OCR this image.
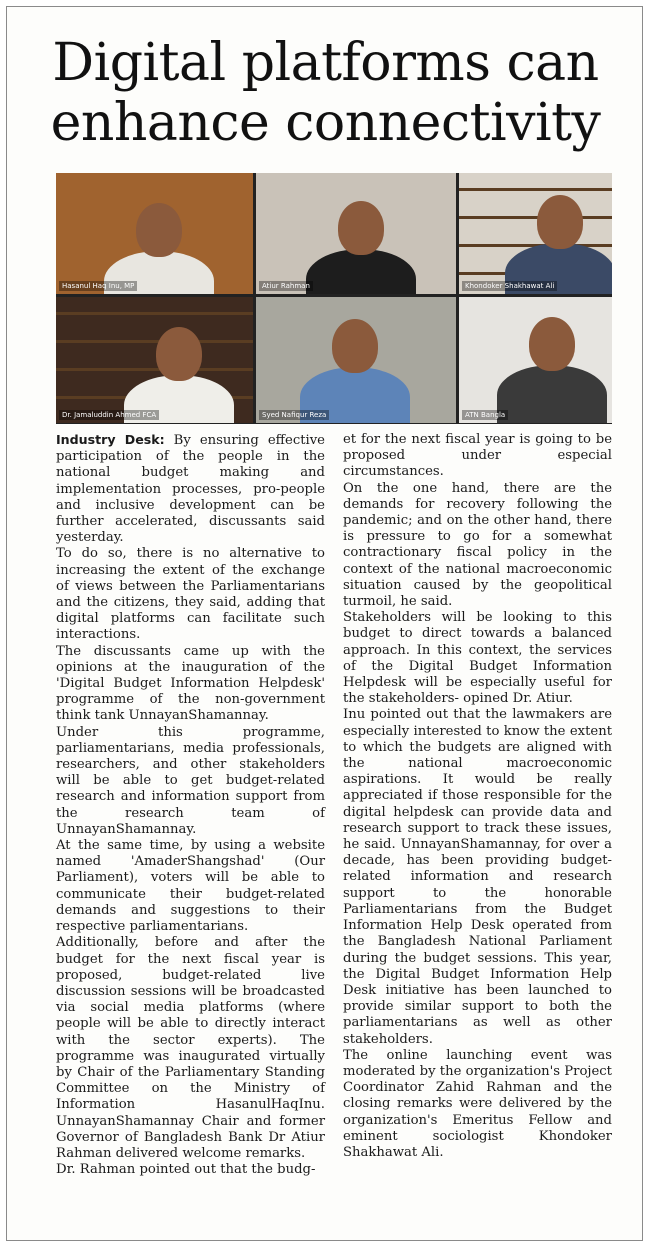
Digital platforms can
enhance connectivity
Hasanul Haq Inu, MP	Atiur Rahman	Khondoker Shakhawat Ali
Dr. Jamaluddin Ahmed FCA	Syed Nafiqur Reza	ATN Bangla

Industry Desk: By ensuring effective participation of the people in the national budget making and implementation processes, pro-people and inclusive development can be further accelerated, discussants said yesterday.

To do so, there is no alternative to increasing the extent of the exchange of views between the Parliamentarians and the citizens, they said, adding that digital platforms can facilitate such interactions.

The discussants came up with the opinions at the inauguration of the 'Digital Budget Information Helpdesk' programme of the non-government think tank UnnayanShamannay.

Under this programme, parliamentarians, media professionals, researchers, and other stakeholders will be able to get budget-related research and information support from the research team of UnnayanShamannay.

At the same time, by using a website named 'AmaderShangshad' (Our Parliament), voters will be able to communicate their budget-related demands and suggestions to their respective parliamentarians.

Additionally, before and after the budget for the next fiscal year is proposed, budget-related live discussion sessions will be broadcasted via social media platforms (where people will be able to directly interact with the sector experts). The programme was inaugurated virtually by Chair of the Parliamentary Standing Committee on the Ministry of Information HasanulHaqInu. UnnayanShamannay Chair and former Governor of Bangladesh Bank Dr Atiur Rahman delivered welcome remarks.

Dr. Rahman pointed out that the budg-

et for the next fiscal year is going to be proposed under especial circumstances.

On the one hand, there are the demands for recovery following the pandemic; and on the other hand, there is pressure to go for a somewhat contractionary fiscal policy in the context of the national macroeconomic situation caused by the geopolitical turmoil, he said.

Stakeholders will be looking to this budget to direct towards a balanced approach. In this context, the services of the Digital Budget Information Helpdesk will be especially useful for the stakeholders- opined Dr. Atiur.

Inu pointed out that the lawmakers are especially interested to know the extent to which the budgets are aligned with the national macroeconomic aspirations. It would be really appreciated if those responsible for the digital helpdesk can provide data and research support to track these issues, he said. UnnayanShamannay, for over a decade, has been providing budget-related information and research support to the honorable Parliamentarians from the Budget Information Help Desk operated from the Bangladesh National Parliament during the budget sessions. This year, the Digital Budget Information Help Desk initiative has been launched to provide similar support to both the parliamentarians as well as other stakeholders.

The online launching event was moderated by the organization's Project Coordinator Zahid Rahman and the closing remarks were delivered by the organization's Emeritus Fellow and eminent sociologist Khondoker Shakhawat Ali.
